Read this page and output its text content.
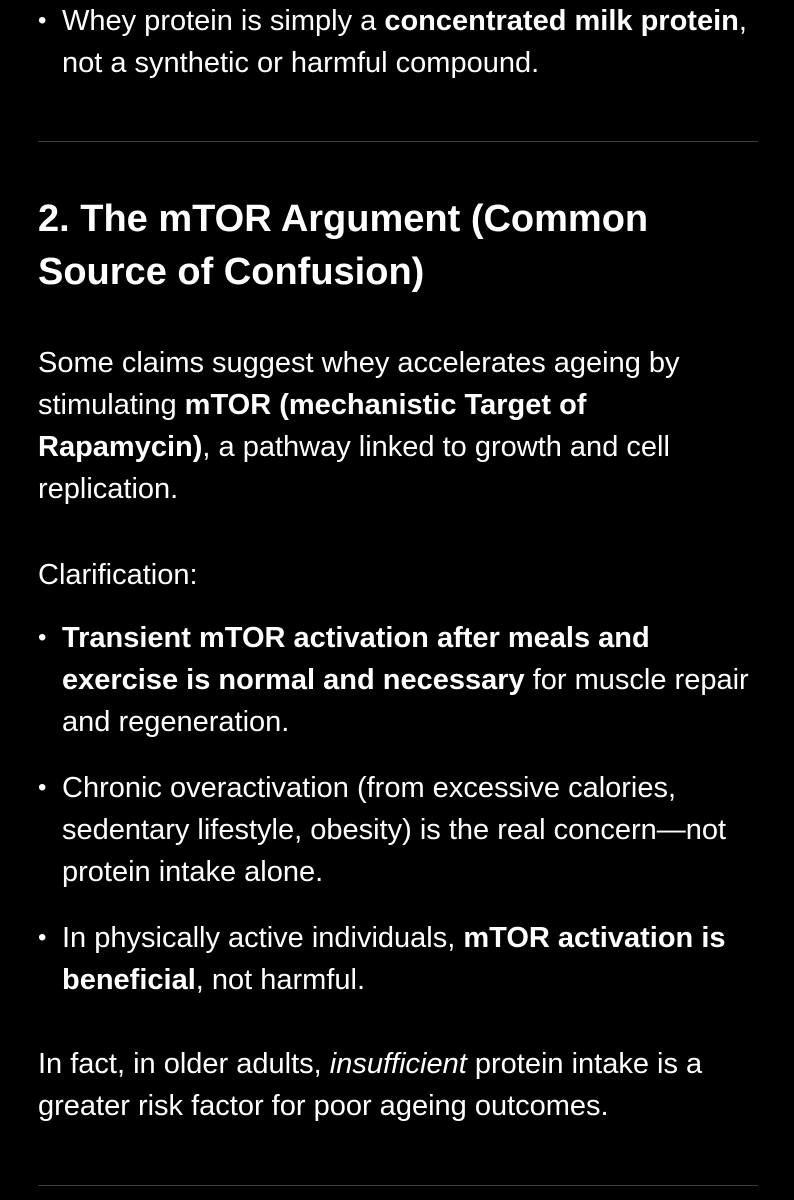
• Whey protein is simply a concentrated milk protein, not a synthetic or harmful compound.
2. The mTOR Argument (Common Source of Confusion)

Some claims suggest whey accelerates ageing by stimulating mTOR (mechanistic Target of Rapamycin), a pathway linked to growth and cell replication.

Clarification:

• Transient mTOR activation after meals and exercise is normal and necessary for muscle repair and regeneration.
• Chronic overactivation (from excessive calories, sedentary lifestyle, obesity) is the real concern—not protein intake alone.
• In physically active individuals, mTOR activation is beneficial, not harmful.

In fact, in older adults, insufficient protein intake is a greater risk factor for poor ageing outcomes.
